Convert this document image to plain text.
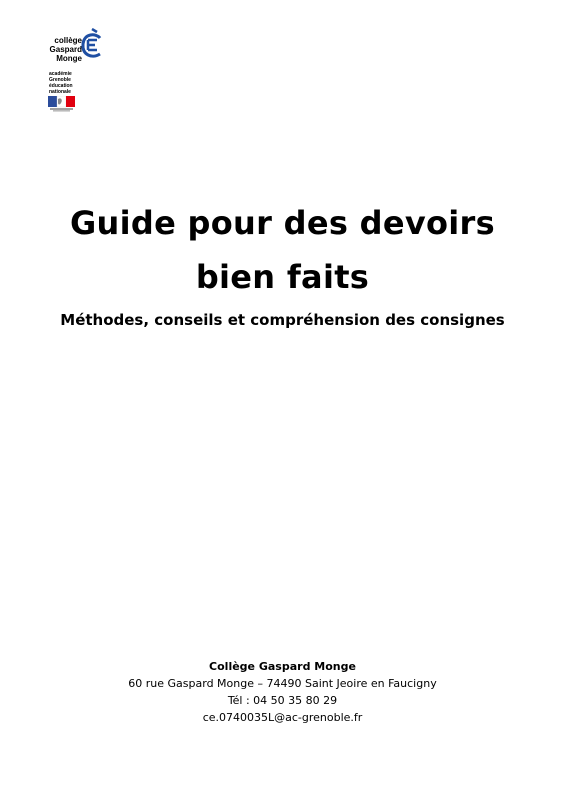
collège
Gaspard Monge
académie
Grenoble
éducation
nationale
Guide pour des devoirs
bien faits
Méthodes, conseils et compréhension des consignes
Collège Gaspard Monge
60 rue Gaspard Monge – 74490 Saint Jeoire en Faucigny
Tél : 04 50 35 80 29
ce.0740035L@ac-grenoble.fr
